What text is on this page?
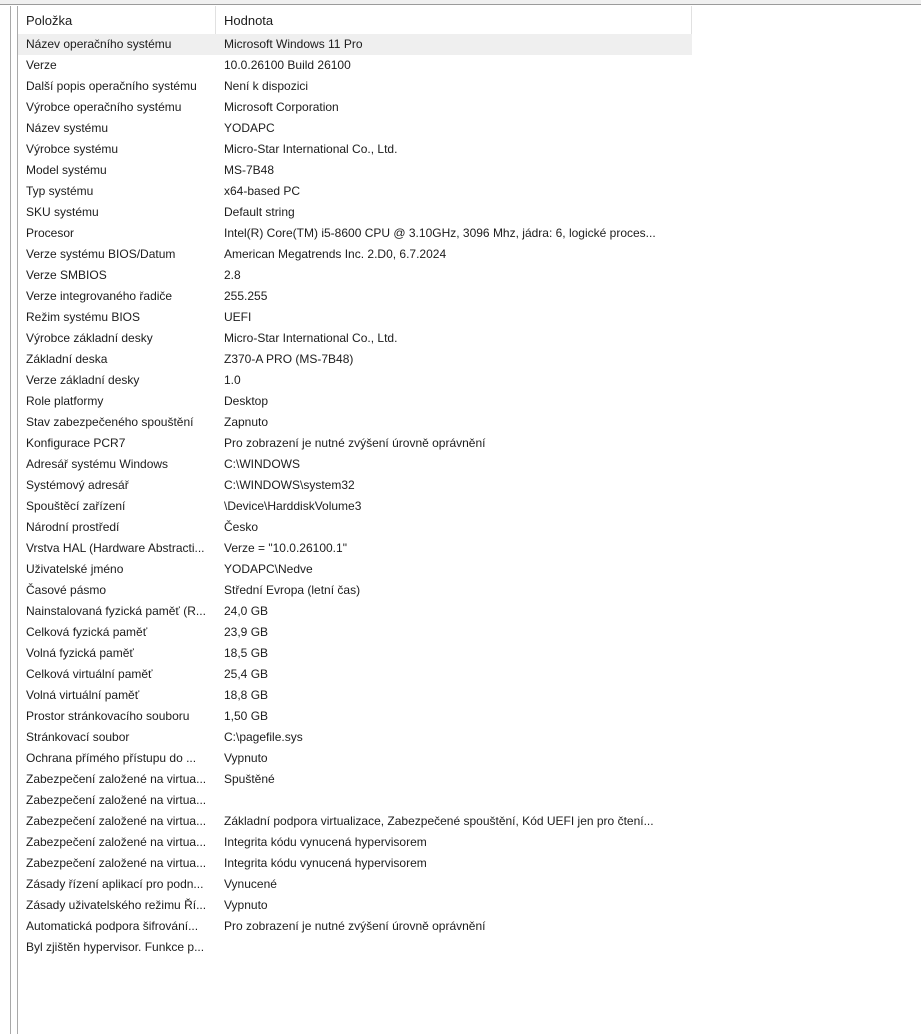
Položka	Hodnota
Název operačního systému	Microsoft Windows 11 Pro
Verze	10.0.26100 Build 26100
Další popis operačního systému	Není k dispozici
Výrobce operačního systému	Microsoft Corporation
Název systému	YODAPC
Výrobce systému	Micro-Star International Co., Ltd.
Model systému	MS-7B48
Typ systému	x64-based PC
SKU systému	Default string
Procesor	Intel(R) Core(TM) i5-8600 CPU @ 3.10GHz, 3096 Mhz, jádra: 6, logické proces...
Verze systému BIOS/Datum	American Megatrends Inc. 2.D0, 6.7.2024
Verze SMBIOS	2.8
Verze integrovaného řadiče	255.255
Režim systému BIOS	UEFI
Výrobce základní desky	Micro-Star International Co., Ltd.
Základní deska	Z370-A PRO (MS-7B48)
Verze základní desky	1.0
Role platformy	Desktop
Stav zabezpečeného spouštění	Zapnuto
Konfigurace PCR7	Pro zobrazení je nutné zvýšení úrovně oprávnění
Adresář systému Windows	C:\WINDOWS
Systémový adresář	C:\WINDOWS\system32
Spouštěcí zařízení	\Device\HarddiskVolume3
Národní prostředí	Česko
Vrstva HAL (Hardware Abstracti...	Verze = "10.0.26100.1"
Uživatelské jméno	YODAPC\Nedve
Časové pásmo	Střední Evropa (letní čas)
Nainstalovaná fyzická paměť (R...	24,0 GB
Celková fyzická paměť	23,9 GB
Volná fyzická paměť	18,5 GB
Celková virtuální paměť	25,4 GB
Volná virtuální paměť	18,8 GB
Prostor stránkovacího souboru	1,50 GB
Stránkovací soubor	C:\pagefile.sys
Ochrana přímého přístupu do ...	Vypnuto
Zabezpečení založené na virtua...	Spuštěné
Zabezpečení založené na virtua...
Zabezpečení založené na virtua...	Základní podpora virtualizace, Zabezpečené spouštění, Kód UEFI jen pro čtení...
Zabezpečení založené na virtua...	Integrita kódu vynucená hypervisorem
Zabezpečení založené na virtua...	Integrita kódu vynucená hypervisorem
Zásady řízení aplikací pro podn...	Vynucené
Zásady uživatelského režimu Ří...	Vypnuto
Automatická podpora šifrování...	Pro zobrazení je nutné zvýšení úrovně oprávnění
Byl zjištěn hypervisor. Funkce p...
